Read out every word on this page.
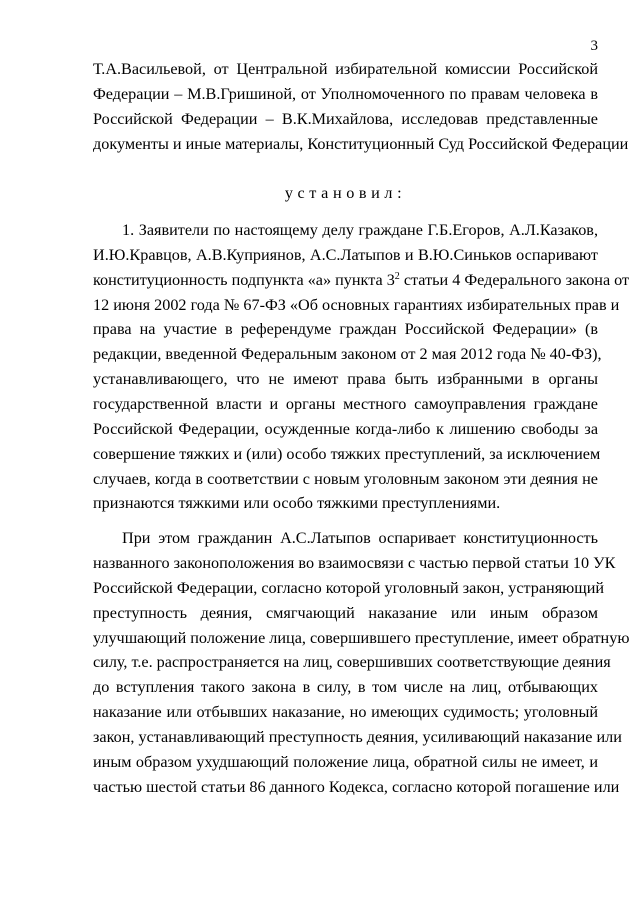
3
Т.А.Васильевой, от Центральной избирательной комиссии Российской
Федерации – М.В.Гришиной, от Уполномоченного по правам человека в
Российской Федерации – В.К.Михайлова, исследовав представленные
документы и иные материалы, Конституционный Суд Российской Федерации
установил:
1. Заявители по настоящему делу граждане Г.Б.Егоров, А.Л.Казаков,
И.Ю.Кравцов, А.В.Куприянов, А.С.Латыпов и В.Ю.Синьков оспаривают
конституционность подпункта «а» пункта $3^2$ статьи 4 Федерального закона от
12 июня 2002 года № 67-ФЗ «Об основных гарантиях избирательных прав и
права на участие в референдуме граждан Российской Федерации» (в
редакции, введенной Федеральным законом от 2 мая 2012 года № 40-ФЗ),
устанавливающего, что не имеют права быть избранными в органы
государственной власти и органы местного самоуправления граждане
Российской Федерации, осужденные когда-либо к лишению свободы за
совершение тяжких и (или) особо тяжких преступлений, за исключением
случаев, когда в соответствии с новым уголовным законом эти деяния не
признаются тяжкими или особо тяжкими преступлениями.
При этом гражданин А.С.Латыпов оспаривает конституционность
названного законоположения во взаимосвязи с частью первой статьи 10 УК
Российской Федерации, согласно которой уголовный закон, устраняющий
преступность деяния, смягчающий наказание или иным образом
улучшающий положение лица, совершившего преступление, имеет обратную
силу, т.е. распространяется на лиц, совершивших соответствующие деяния
до вступления такого закона в силу, в том числе на лиц, отбывающих
наказание или отбывших наказание, но имеющих судимость; уголовный
закон, устанавливающий преступность деяния, усиливающий наказание или
иным образом ухудшающий положение лица, обратной силы не имеет, и
частью шестой статьи 86 данного Кодекса, согласно которой погашение или
